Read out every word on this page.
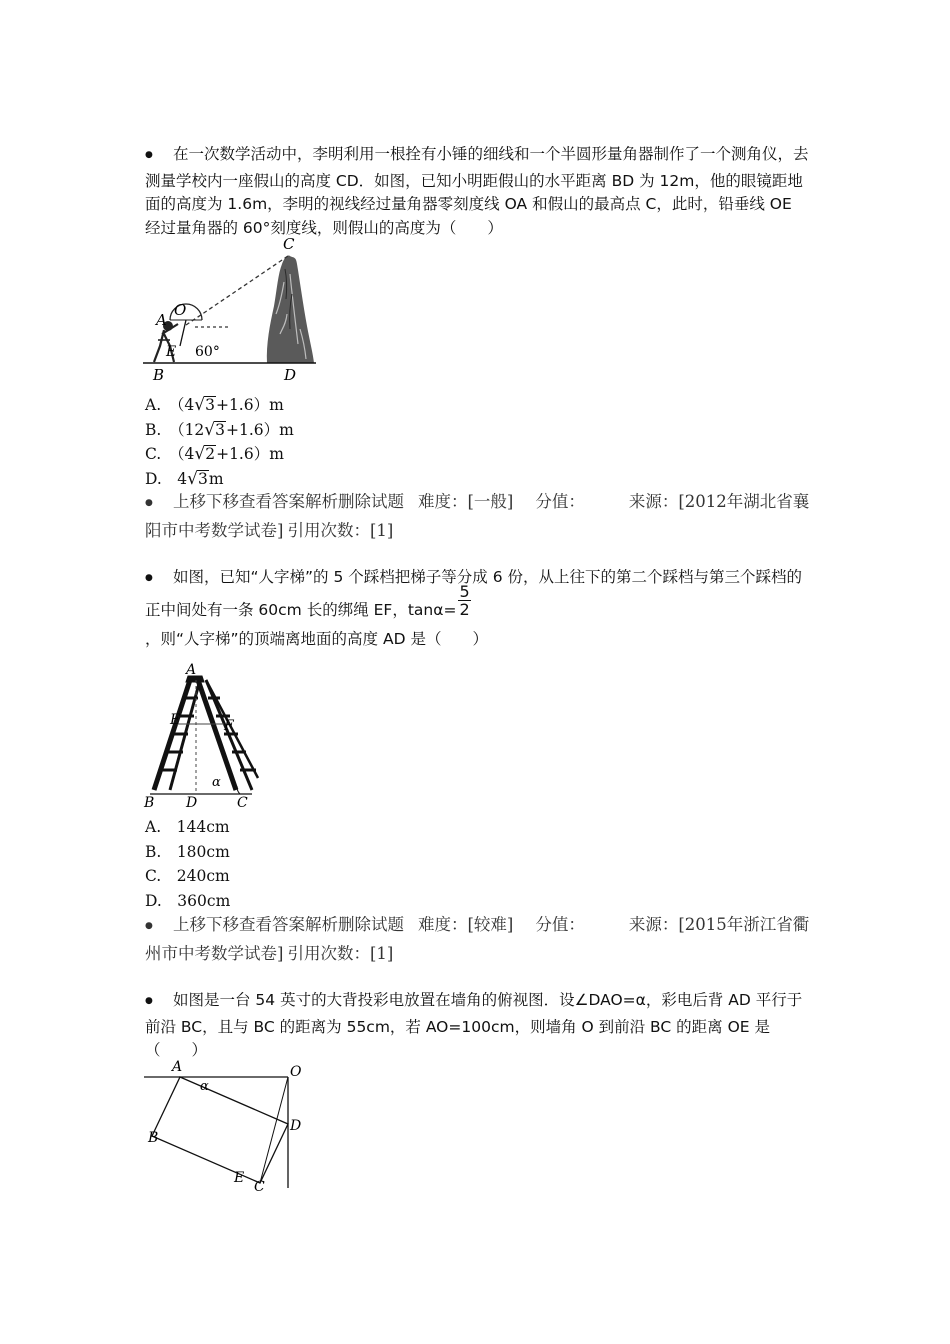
●在一次数学活动中，李明利用一根拴有小锤的细线和一个半圆形量角器制作了一个测角仪，去测量学校内一座假山的高度 CD．如图，已知小明距假山的水平距离 BD 为 12m，他的眼镜距地面的高度为 1.6m，李明的视线经过量角器零刻度线 OA 和假山的最高点 C，此时，铅垂线 OE 经过量角器的 60°刻度线，则假山的高度为（　　）
O
A
E 60°
B	D
C
A.　（4√3+1.6）m
B.　（12√3+1.6）m
C.　（4√2+1.6）m
D.　4√3m
●上移下移查看答案解析删除试题 难度：[一般] 分值：	来源：[2012年湖北省襄阳市中考数学试卷] 引用次数：[1]
●如图，已知“人字梯”的 5 个踩档把梯子等分成 6 份，从上往下的第二个踩档与第三个踩档的正中间处有一条 60cm 长的绑绳 EF，$\tan\alpha= \frac{5}{2}$
，则“人字梯”的顶端离地面的高度 AD 是（　　）
A
E	F
α
B D	C
A.　144cm
B.　180cm
C.　240cm
D.　360cm
●上移下移查看答案解析删除试题 难度：[较难] 分值：	来源：[2015年浙江省衢州市中考数学试卷] 引用次数：[1]
●如图是一台 54 英寸的大背投彩电放置在墙角的俯视图．设∠DAO=α，彩电后背 AD 平行于前沿 BC，且与 BC 的距离为 55cm，若 AO=100cm，则墙角 O 到前沿 BC 的距离 OE 是（　　）
A
α
O
D
B
E
C
